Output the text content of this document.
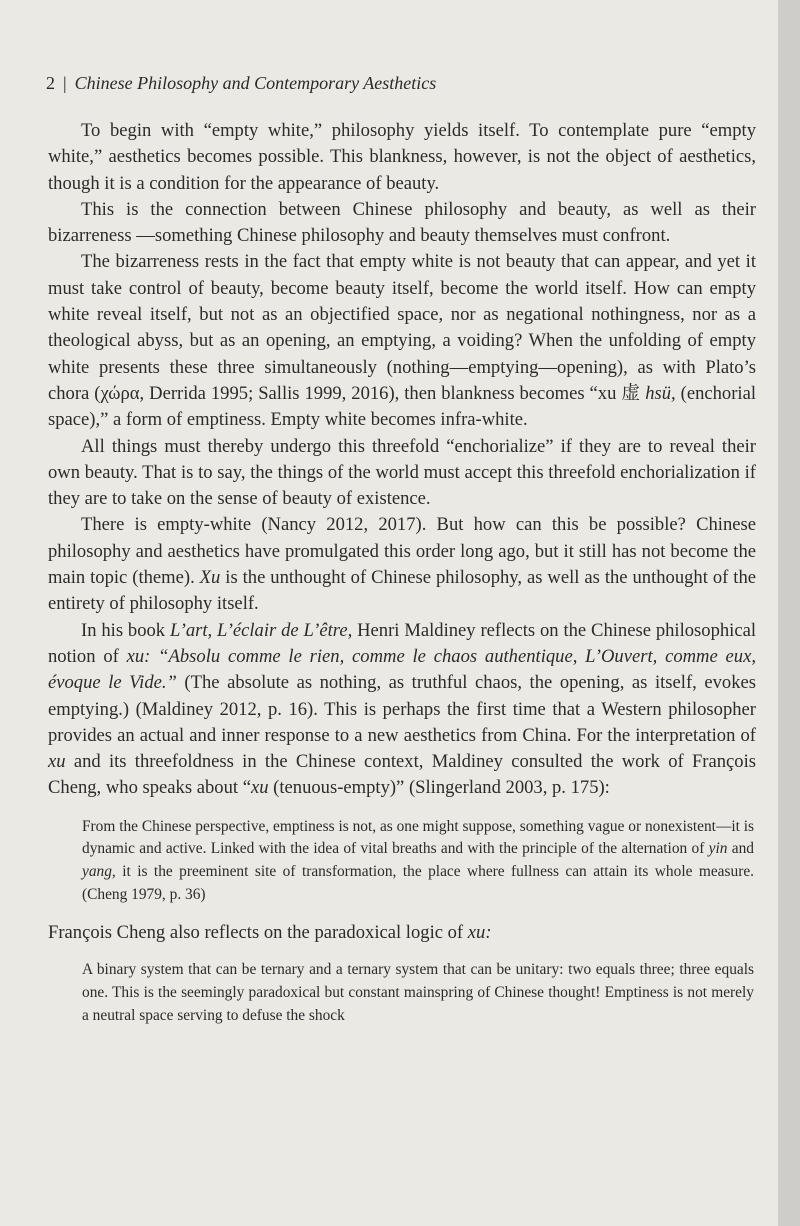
2 | Chinese Philosophy and Contemporary Aesthetics

To begin with “empty white,” philosophy yields itself. To contemplate pure “empty white,” aesthetics becomes possible. This blankness, however, is not the object of aesthetics, though it is a condition for the appearance of beauty.

This is the connection between Chinese philosophy and beauty, as well as their bizarreness —something Chinese philosophy and beauty themselves must confront.

The bizarreness rests in the fact that empty white is not beauty that can appear, and yet it must take control of beauty, become beauty itself, become the world itself. How can empty white reveal itself, but not as an objectified space, nor as negational nothingness, nor as a theological abyss, but as an opening, an emptying, a voiding? When the unfolding of empty white presents these three simultaneously (nothing—emptying—opening), as with Plato’s chora (χώρα, Derrida 1995; Sallis 1999, 2016), then blankness becomes “xu 虚 hsü, (enchorial space),” a form of emptiness. Empty white becomes infra-white.

All things must thereby undergo this threefold “enchorialize” if they are to reveal their own beauty. That is to say, the things of the world must accept this threefold enchorialization if they are to take on the sense of beauty of existence.

There is empty-white (Nancy 2012, 2017). But how can this be possible? Chinese philosophy and aesthetics have promulgated this order long ago, but it still has not become the main topic (theme). Xu is the unthought of Chinese philosophy, as well as the unthought of the entirety of philosophy itself.

In his book L’art, L’éclair de L’être, Henri Maldiney reflects on the Chinese philosophical notion of xu: “Absolu comme le rien, comme le chaos authentique, L’Ouvert, comme eux, évoque le Vide.” (The absolute as nothing, as truthful chaos, the opening, as itself, evokes emptying.) (Maldiney 2012, p. 16). This is perhaps the first time that a Western philosopher provides an actual and inner response to a new aesthetics from China. For the interpretation of xu and its threefoldness in the Chinese context, Maldiney consulted the work of François Cheng, who speaks about “xu (tenuous-empty)” (Slingerland 2003, p. 175):

From the Chinese perspective, emptiness is not, as one might suppose, something vague or nonexistent—it is dynamic and active. Linked with the idea of vital breaths and with the principle of the alternation of yin and yang, it is the preeminent site of transformation, the place where fullness can attain its whole measure. (Cheng 1979, p. 36)

François Cheng also reflects on the paradoxical logic of xu:

A binary system that can be ternary and a ternary system that can be unitary: two equals three; three equals one. This is the seemingly paradoxical but constant mainspring of Chinese thought! Emptiness is not merely a neutral space serving to defuse the shock
